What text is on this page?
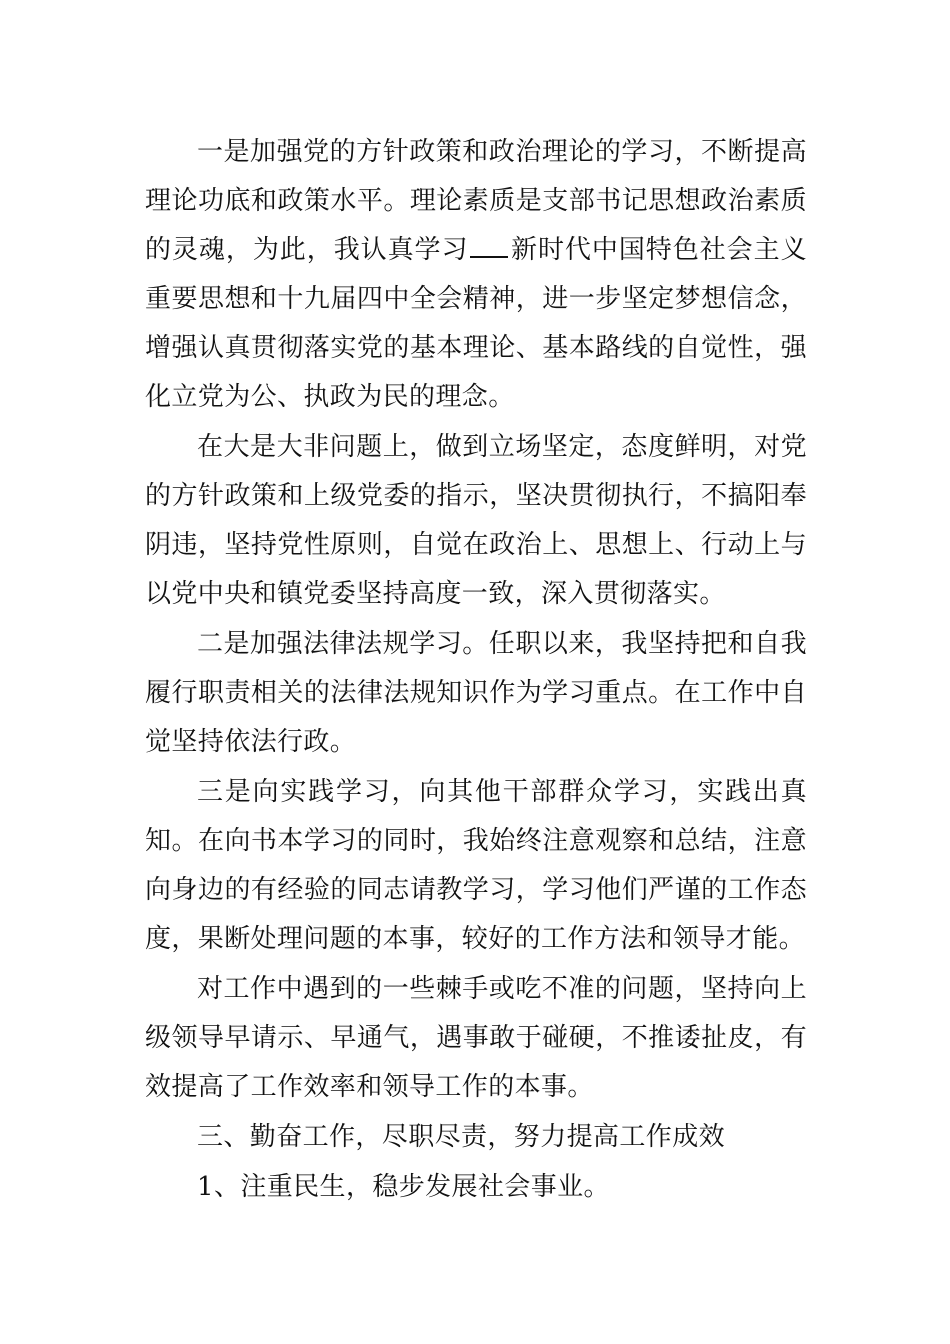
一是加强党的方针政策和政治理论的学习，不断提高理论功底和政策水平。理论素质是支部书记思想政治素质的灵魂，为此，我认真学习 新时代中国特色社会主义重要思想和十九届四中全会精神，进一步坚定梦想信念，增强认真贯彻落实党的基本理论、基本路线的自觉性，强化立党为公、执政为民的理念。

在大是大非问题上，做到立场坚定，态度鲜明，对党的方针政策和上级党委的指示，坚决贯彻执行，不搞阳奉阴违，坚持党性原则，自觉在政治上、思想上、行动上与以党中央和镇党委坚持高度一致，深入贯彻落实。

二是加强法律法规学习。任职以来，我坚持把和自我履行职责相关的法律法规知识作为学习重点。在工作中自觉坚持依法行政。

三是向实践学习，向其他干部群众学习，实践出真知。在向书本学习的同时，我始终注意观察和总结，注意向身边的有经验的同志请教学习，学习他们严谨的工作态度，果断处理问题的本事，较好的工作方法和领导才能。

对工作中遇到的一些棘手或吃不准的问题，坚持向上级领导早请示、早通气，遇事敢于碰硬，不推诿扯皮，有效提高了工作效率和领导工作的本事。

三、勤奋工作，尽职尽责，努力提高工作成效

1、注重民生，稳步发展社会事业。
